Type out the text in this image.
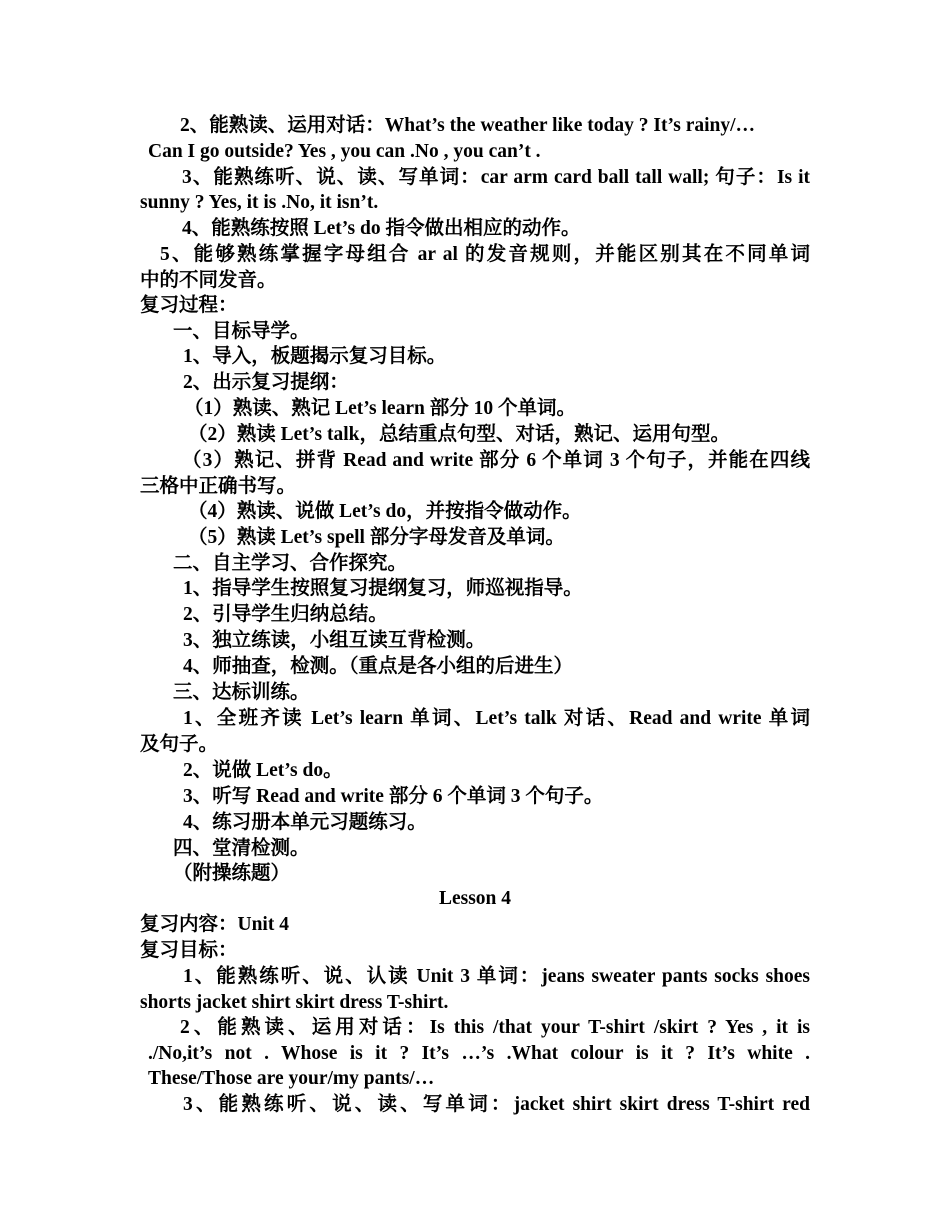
2、能熟读、运用对话：What’s the weather like today ? It’s rainy/…
Can I go outside? Yes , you can .No , you can’t .
3、能熟练听、说、读、写单词：car arm card ball tall wall; 句子：Is it
sunny ? Yes, it is .No, it isn’t.
4、能熟练按照 Let’s do 指令做出相应的动作。
5、能够熟练掌握字母组合 ar al 的发音规则，并能区别其在不同单词
中的不同发音。
复习过程：
一、目标导学。
1、导入，板题揭示复习目标。
2、出示复习提纲：
（1）熟读、熟记 Let’s learn 部分 10 个单词。
（2）熟读 Let’s talk，总结重点句型、对话，熟记、运用句型。
（3）熟记、拼背 Read and write 部分 6 个单词 3 个句子，并能在四线
三格中正确书写。
（4）熟读、说做 Let’s do，并按指令做动作。
（5）熟读 Let’s spell 部分字母发音及单词。
二、自主学习、合作探究。
1、指导学生按照复习提纲复习，师巡视指导。
2、引导学生归纳总结。
3、独立练读，小组互读互背检测。
4、师抽查，检测。（重点是各小组的后进生）
三、达标训练。
1、全班齐读 Let’s learn 单词、Let’s talk 对话、Read and write 单词
及句子。
2、说做 Let’s do。
3、听写 Read and write 部分 6 个单词 3 个句子。
4、练习册本单元习题练习。
四、堂清检测。
（附操练题）
Lesson 4
复习内容：Unit 4
复习目标：
1、能熟练听、说、认读 Unit 3 单词：jeans sweater pants socks shoes
shorts jacket shirt skirt dress T-shirt.
2、能熟读、运用对话：Is this /that your T-shirt /skirt ? Yes , it is
./No,it’s not . Whose is it ? It’s …’s .What colour is it ? It’s white .
These/Those are your/my pants/…
3、能熟练听、说、读、写单词：jacket shirt skirt dress T-shirt red
